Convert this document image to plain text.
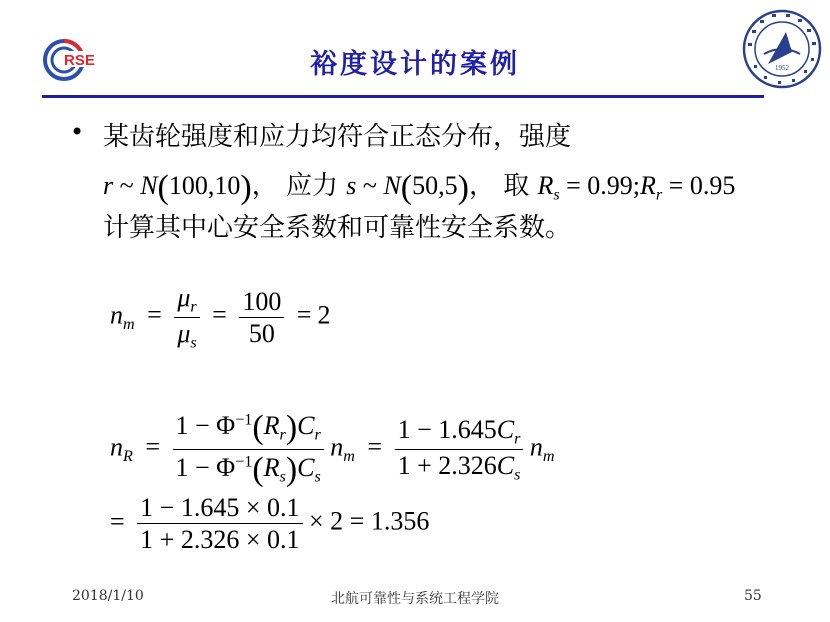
RSE	裕度设计的案例	1952
• 某齿轮强度和应力均符合正态分布，强度
r ~ N(100,10)， 应力 s ~ N(50,5)， 取 $R_s$ = $0.99;R_r = 0.95$
计算其中心安全系数和可靠性安全系数。
$n_m = \frac{\mu_r}{\mu_s} = \frac{100}{50} = 2$
$n_R = \frac{1 - \Phi^{-1}(R_r)C_r}{1 - \Phi^{-1}(R_s)C_s} n_m = \frac{1 - 1.645C_r}{1 + 2.326C_s} n_m$
= $\frac{1 - 1.645 \times 0.1}{1 + 2.326 \times 0.1} \times 2 = 1.356$
2018/1/10	北航可靠性与系统工程学院	55
